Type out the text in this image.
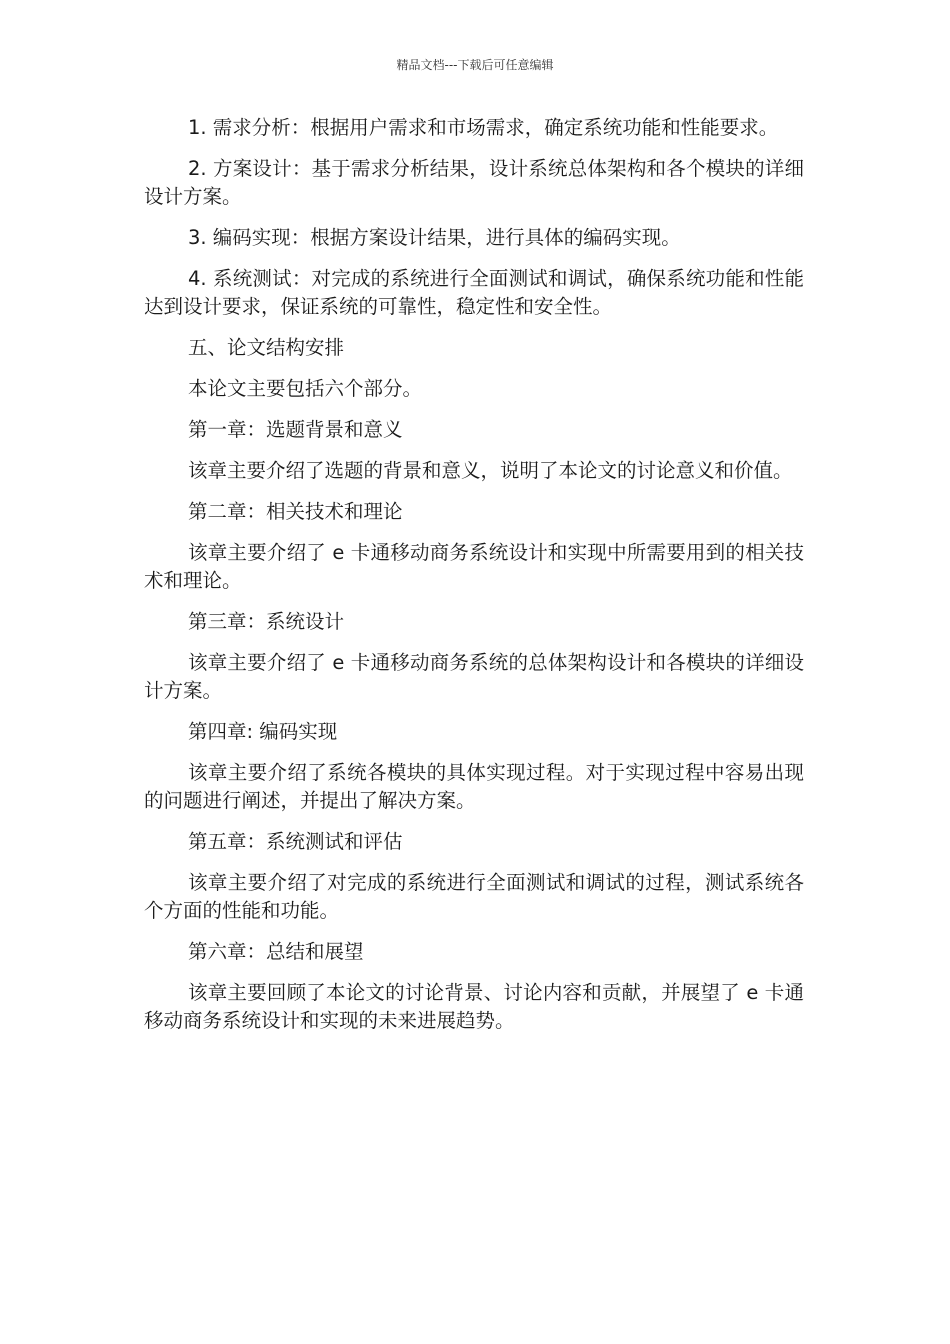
精品文档---下载后可任意编辑

1. 需求分析：根据用户需求和市场需求，确定系统功能和性能要求。

2. 方案设计：基于需求分析结果，设计系统总体架构和各个模块的详细设计方案。

3. 编码实现：根据方案设计结果，进行具体的编码实现。

4. 系统测试：对完成的系统进行全面测试和调试，确保系统功能和性能达到设计要求，保证系统的可靠性，稳定性和安全性。

五、论文结构安排

本论文主要包括六个部分。

第一章：选题背景和意义

该章主要介绍了选题的背景和意义，说明了本论文的讨论意义和价值。

第二章：相关技术和理论

该章主要介绍了 e 卡通移动商务系统设计和实现中所需要用到的相关技术和理论。

第三章：系统设计

该章主要介绍了 e 卡通移动商务系统的总体架构设计和各模块的详细设计方案。

第四章: 编码实现

该章主要介绍了系统各模块的具体实现过程。对于实现过程中容易出现的问题进行阐述，并提出了解决方案。

第五章：系统测试和评估

该章主要介绍了对完成的系统进行全面测试和调试的过程，测试系统各个方面的性能和功能。

第六章：总结和展望

该章主要回顾了本论文的讨论背景、讨论内容和贡献，并展望了 e 卡通移动商务系统设计和实现的未来进展趋势。
